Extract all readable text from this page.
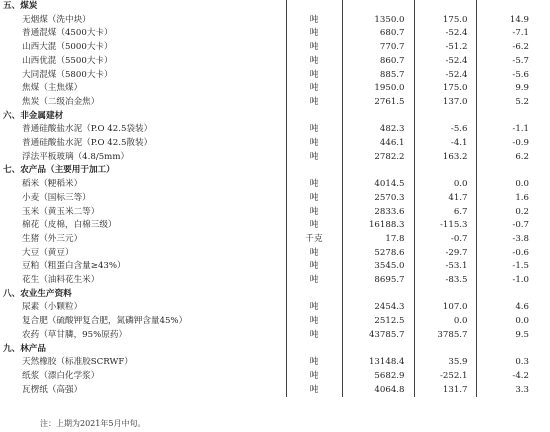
五、煤炭				
无烟煤（洗中块）	吨	1350.0	175.0	14.9
普通混煤（4500大卡）	吨	680.7	-52.4	-7.1
山西大混（5000大卡）	吨	770.7	-51.2	-6.2
山西优混（5500大卡）	吨	860.7	-52.4	-5.7
大同混煤（5800大卡）	吨	885.7	-52.4	-5.6
焦煤（主焦煤）	吨	1950.0	175.0	9.9
焦炭（二级冶金焦）	吨	2761.5	137.0	5.2
六、非金属建材				
普通硅酸盐水泥（P.O 42.5袋装）	吨	482.3	-5.6	-1.1
普通硅酸盐水泥（P.O 42.5散装）	吨	446.1	-4.1	-0.9
浮法平板玻璃（4.8/5mm）	吨	2782.2	163.2	6.2
七、农产品（主要用于加工）				
稻米（粳稻米）	吨	4014.5	0.0	0.0
小麦（国标三等）	吨	2570.3	41.7	1.6
玉米（黄玉米二等）	吨	2833.6	6.7	0.2
棉花（皮棉，白棉三级）	吨	16188.3	-115.3	-0.7
生猪（外三元）	千克	17.8	-0.7	-3.8
大豆（黄豆）	吨	5278.6	-29.7	-0.6
豆粕（粗蛋白含量≥43%）	吨	3545.0	-53.1	-1.5
花生（油料花生米）	吨	8695.7	-83.5	-1.0
八、农业生产资料				
尿素（小颗粒）	吨	2454.3	107.0	4.6
复合肥（硫酸钾复合肥，氮磷钾含量45%）	吨	2512.5	0.0	0.0
农药（草甘膦，95%原药）	吨	43785.7	3785.7	9.5
九、林产品				
天然橡胶（标准胶SCRWF）	吨	13148.4	35.9	0.3
纸浆（漂白化学浆）	吨	5682.9	-252.1	-4.2
瓦楞纸（高强）	吨	4064.8	131.7	3.3
注：上期为2021年5月中旬。
